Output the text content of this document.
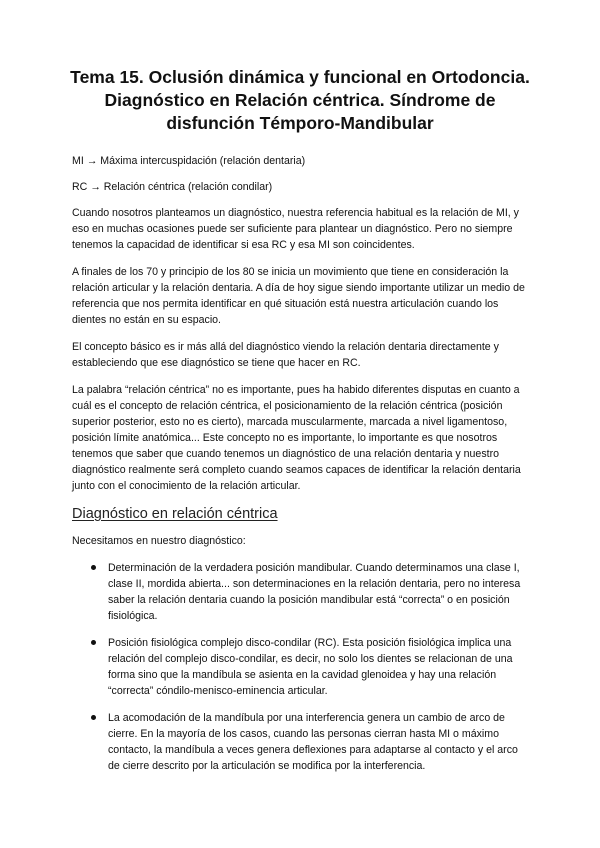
Tema 15. Oclusión dinámica y funcional en Ortodoncia. Diagnóstico en Relación céntrica. Síndrome de disfunción Témporo-Mandibular
MI → Máxima intercuspidación (relación dentaria)
RC → Relación céntrica (relación condilar)
Cuando nosotros planteamos un diagnóstico, nuestra referencia habitual es la relación de MI, y eso en muchas ocasiones puede ser suficiente para plantear un diagnóstico. Pero no siempre tenemos la capacidad de identificar si esa RC y esa MI son coincidentes.
A finales de los 70 y principio de los 80 se inicia un movimiento que tiene en consideración la relación articular y la relación dentaria. A día de hoy sigue siendo importante utilizar un medio de referencia que nos permita identificar en qué situación está nuestra articulación cuando los dientes no están en su espacio.
El concepto básico es ir más allá del diagnóstico viendo la relación dentaria directamente y estableciendo que ese diagnóstico se tiene que hacer en RC.
La palabra “relación céntrica” no es importante, pues ha habido diferentes disputas en cuanto a cuál es el concepto de relación céntrica, el posicionamiento de la relación céntrica (posición superior posterior, esto no es cierto), marcada muscularmente, marcada a nivel ligamentoso, posición límite anatómica... Este concepto no es importante, lo importante es que nosotros tenemos que saber que cuando tenemos un diagnóstico de una relación dentaria y nuestro diagnóstico realmente será completo cuando seamos capaces de identificar la relación dentaria junto con el conocimiento de la relación articular.
Diagnóstico en relación céntrica
Necesitamos en nuestro diagnóstico:
Determinación de la verdadera posición mandibular. Cuando determinamos una clase I, clase II, mordida abierta... son determinaciones en la relación dentaria, pero no interesa saber la relación dentaria cuando la posición mandibular está “correcta” o en posición fisiológica.
Posición fisiológica complejo disco-condilar (RC). Esta posición fisiológica implica una relación del complejo disco-condilar, es decir, no solo los dientes se relacionan de una forma sino que la mandíbula se asienta en la cavidad glenoidea y hay una relación “correcta” cóndilo-menisco-eminencia articular.
La acomodación de la mandíbula por una interferencia genera un cambio de arco de cierre. En la mayoría de los casos, cuando las personas cierran hasta MI o máximo contacto, la mandíbula a veces genera deflexiones para adaptarse al contacto y el arco de cierre descrito por la articulación se modifica por la interferencia.
